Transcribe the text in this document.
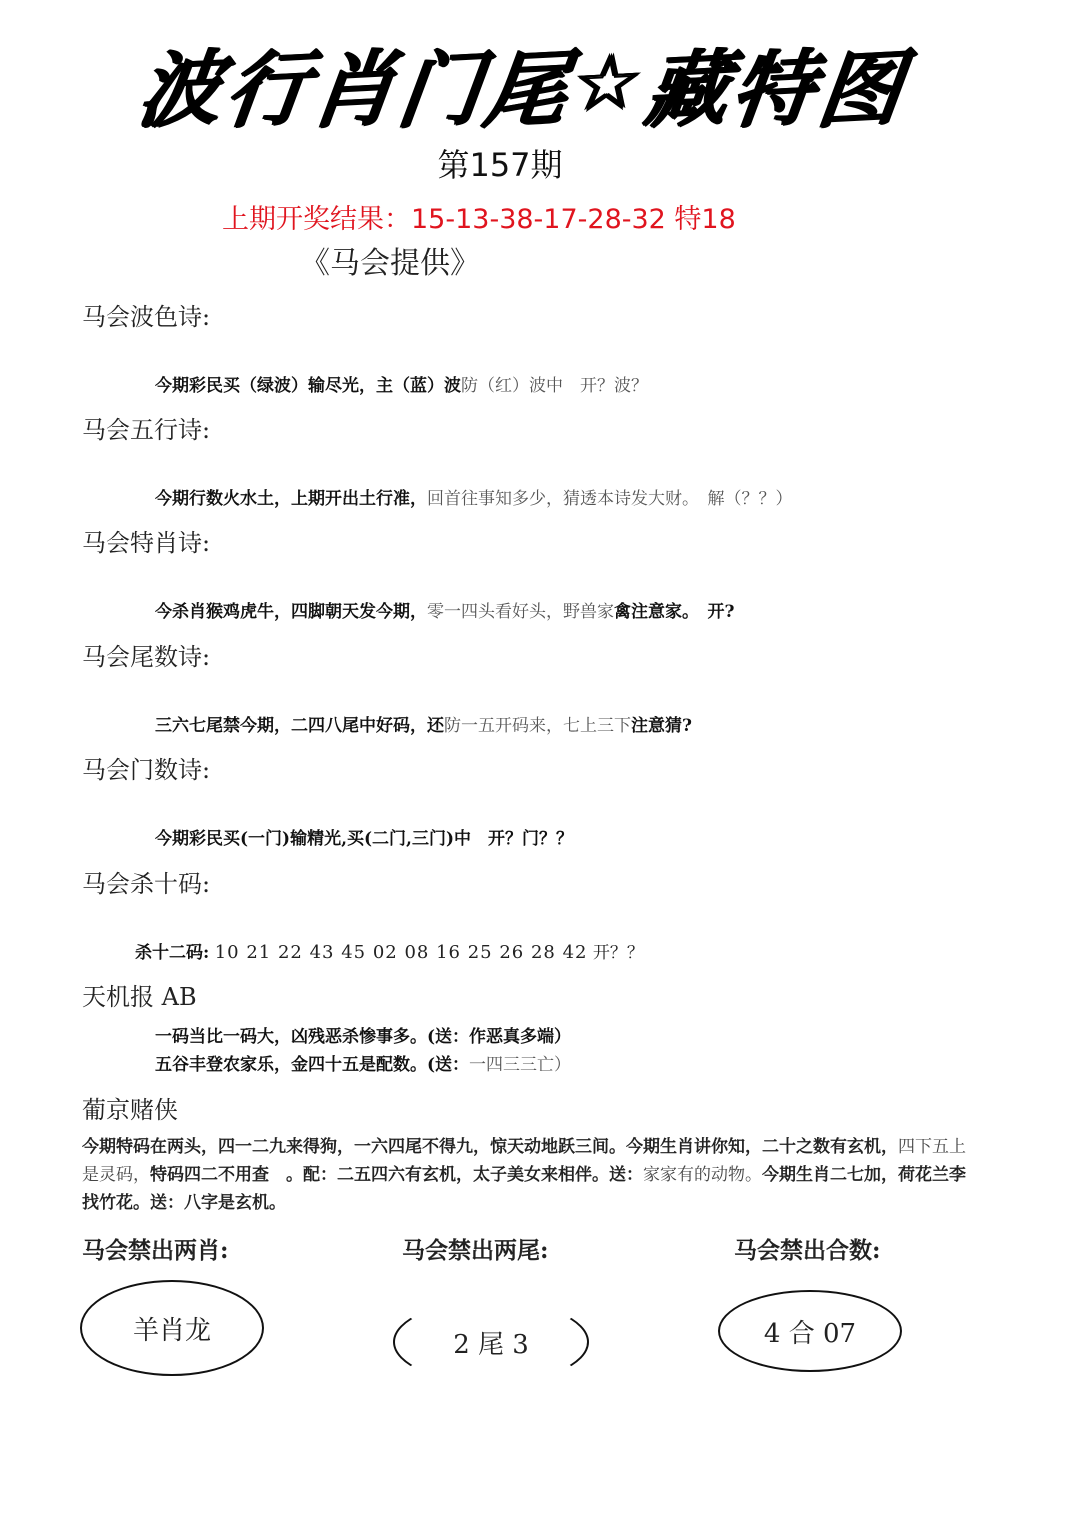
波
行
肖
门
尾
☆
藏
特
图
第157期
上期开奖结果：15-13-38-17-28-32 特18
《马会提供》
马会波色诗:
今期彩民买（绿波）输尽光，主（蓝）波防（红）波中　开？波？
马会五行诗:
今期行数火水土，上期开出土行准，回首往事知多少，猜透本诗发大财。　解（？？）
马会特肖诗:
今杀肖猴鸡虎牛，四脚朝天发今期，零一四头看好头，野兽家禽注意家。　开?
马会尾数诗:
三六七尾禁今期，二四八尾中好码，还防一五开码来，七上三下注意猜?
马会门数诗:
今期彩民买(一门)输精光,买(二门,三门)中　开？门？？
马会杀十码:
杀十二码: 10 21 22 43 45 02 08 16 25 26 28 42 开？？
天机报 AB
一码当比一码大，凶残恶杀惨事多。(送：作恶真多端）
五谷丰登农家乐，金四十五是配数。(送：一四三三亡）
葡京赌侠
今期特码在两头，四一二九来得狗，一六四尾不得九，惊天动地跃三间。今期生肖讲你知，二十之数有玄机，四下五上是灵码，特码四二不用查　。配：二五四六有玄机，太子美女来相伴。送：家家有的动物。今期生肖二七加，荷花兰李找竹花。送：八字是玄机。
马会禁出两肖:	马会禁出两尾:	马会禁出合数:
羊肖龙	2 尾 3	4 合 07
